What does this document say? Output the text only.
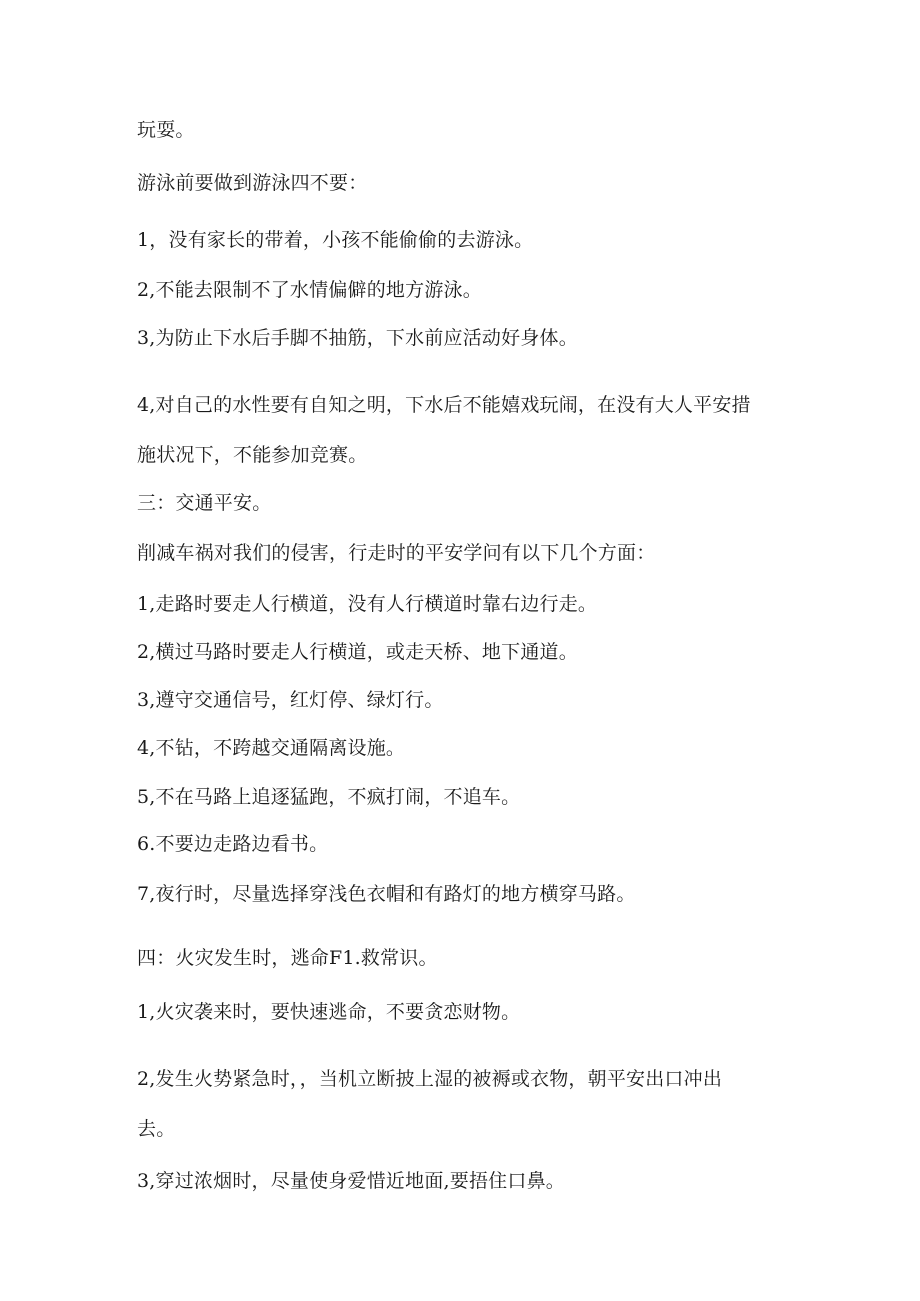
玩耍。

游泳前要做到游泳四不要：

1，没有家长的带着，小孩不能偷偷的去游泳。

2,不能去限制不了水情偏僻的地方游泳。

3,为防止下水后手脚不抽筋，下水前应活动好身体。

4,对自己的水性要有自知之明，下水后不能嬉戏玩闹，在没有大人平安措

施状况下，不能参加竞赛。

三：交通平安。

削减车祸对我们的侵害，行走时的平安学问有以下几个方面：

1,走路时要走人行横道，没有人行横道时靠右边行走。

2,横过马路时要走人行横道，或走天桥、地下通道。

3,遵守交通信号，红灯停、绿灯行。

4,不钻，不跨越交通隔离设施。

5,不在马路上追逐猛跑，不疯打闹，不追车。

6.不要边走路边看书。

7,夜行时，尽量选择穿浅色衣帽和有路灯的地方横穿马路。

四：火灾发生时，逃命F1.救常识。

1,火灾袭来时，要快速逃命，不要贪恋财物。

2,发生火势紧急时，，当机立断披上湿的被褥或衣物，朝平安出口冲出

去。

3,穿过浓烟时，尽量使身爱惜近地面,要捂住口鼻。
